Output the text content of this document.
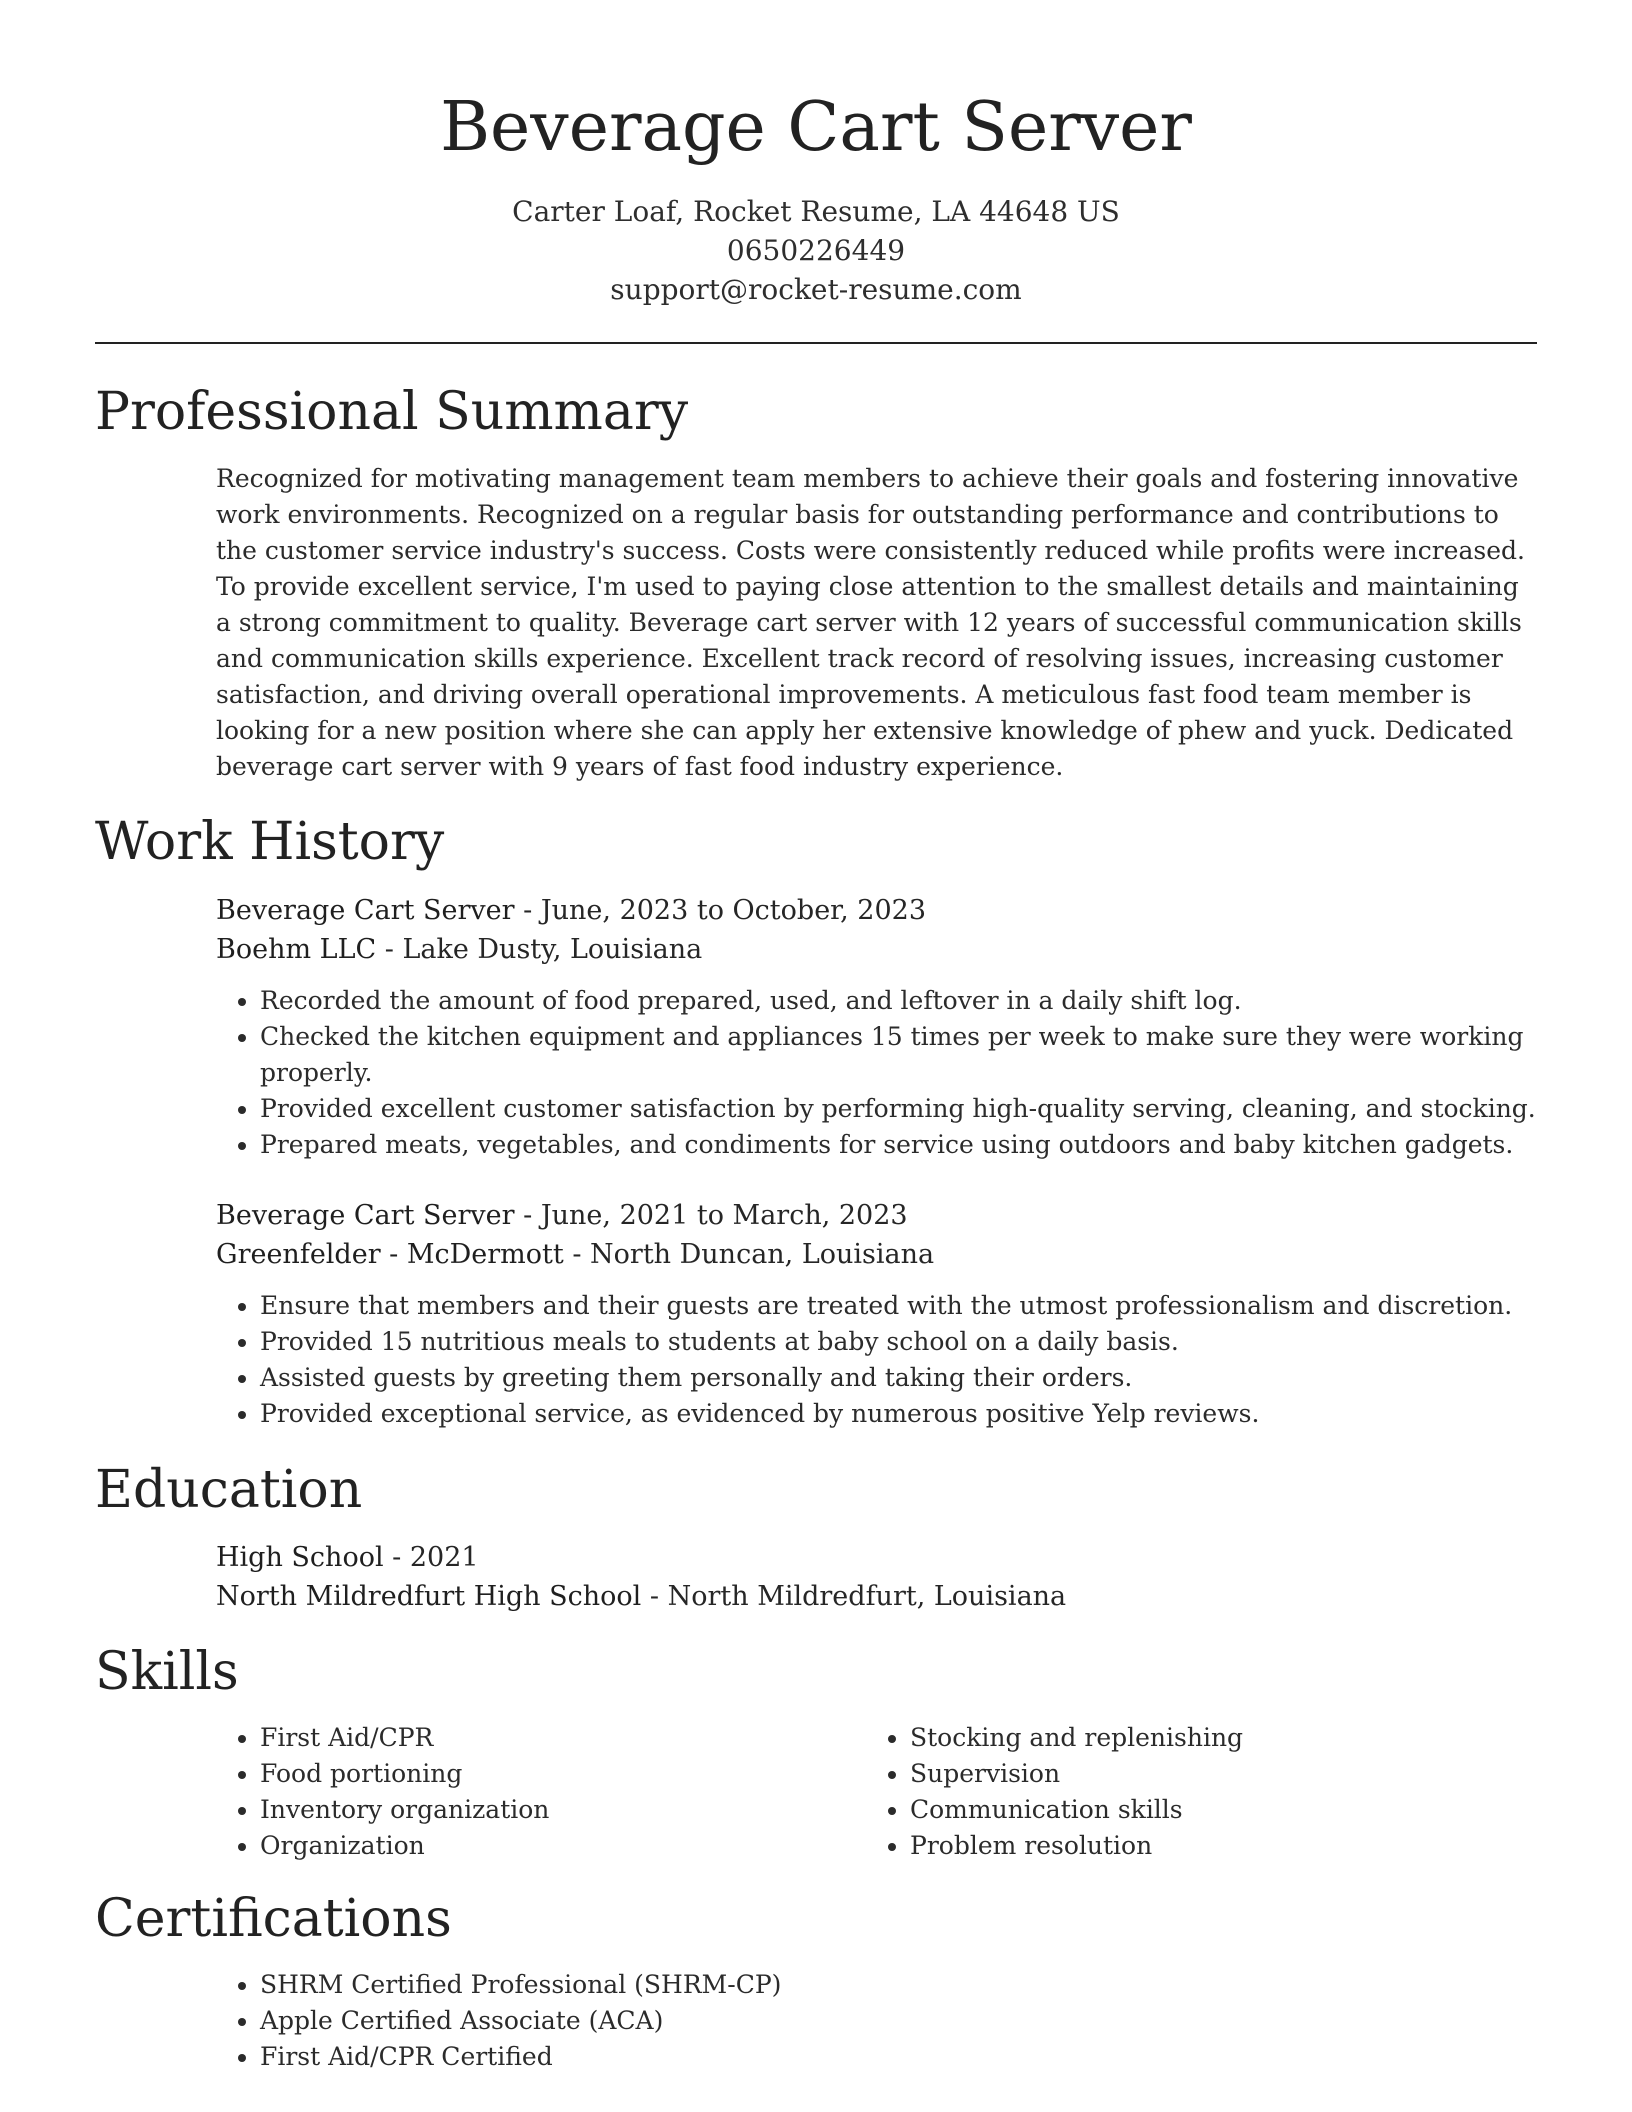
Beverage Cart Server
Carter Loaf, Rocket Resume, LA 44648 US
0650226449
support@rocket-resume.com
Professional Summary

Recognized for motivating management team members to achieve their goals and fostering innovative work environments. Recognized on a regular basis for outstanding performance and contributions to the customer service industry's success. Costs were consistently reduced while profits were increased. To provide excellent service, I'm used to paying close attention to the smallest details and maintaining a strong commitment to quality. Beverage cart server with 12 years of successful communication skills and communication skills experience. Excellent track record of resolving issues, increasing customer satisfaction, and driving overall operational improvements. A meticulous fast food team member is looking for a new position where she can apply her extensive knowledge of phew and yuck. Dedicated beverage cart server with 9 years of fast food industry experience.

Work History
Beverage Cart Server - June, 2023 to October, 2023
Boehm LLC - Lake Dusty, Louisiana
• Recorded the amount of food prepared, used, and leftover in a daily shift log.
• Checked the kitchen equipment and appliances 15 times per week to make sure they were working properly.
• Provided excellent customer satisfaction by performing high-quality serving, cleaning, and stocking.
• Prepared meats, vegetables, and condiments for service using outdoors and baby kitchen gadgets.
Beverage Cart Server - June, 2021 to March, 2023
Greenfelder - McDermott - North Duncan, Louisiana
• Ensure that members and their guests are treated with the utmost professionalism and discretion.
• Provided 15 nutritious meals to students at baby school on a daily basis.
• Assisted guests by greeting them personally and taking their orders.
• Provided exceptional service, as evidenced by numerous positive Yelp reviews.
Education
High School - 2021
North Mildredfurt High School - North Mildredfurt, Louisiana
Skills
• First Aid/CPR
• Food portioning
• Inventory organization
• Organization
• Stocking and replenishing
• Supervision
• Communication skills
• Problem resolution
Certifications
• SHRM Certified Professional (SHRM-CP)
• Apple Certified Associate (ACA)
• First Aid/CPR Certified
